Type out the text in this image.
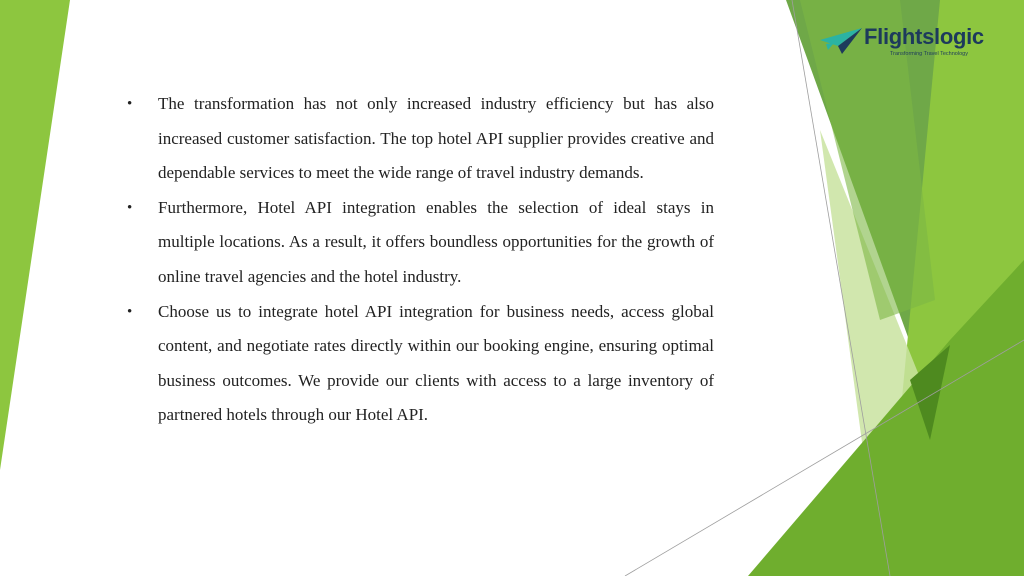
Flightslogic
Transforming Travel Technology
•	The transformation has not only increased industry efficiency but has also increased customer satisfaction. The top hotel API supplier provides creative and dependable services to meet the wide range of travel industry demands.
•	Furthermore, Hotel API integration enables the selection of ideal stays in multiple locations. As a result, it offers boundless opportunities for the growth of online travel agencies and the hotel industry.
•	Choose us to integrate hotel API integration for business needs, access global content, and negotiate rates directly within our booking engine, ensuring optimal business outcomes. We provide our clients with access to a large inventory of partnered hotels through our Hotel API.
